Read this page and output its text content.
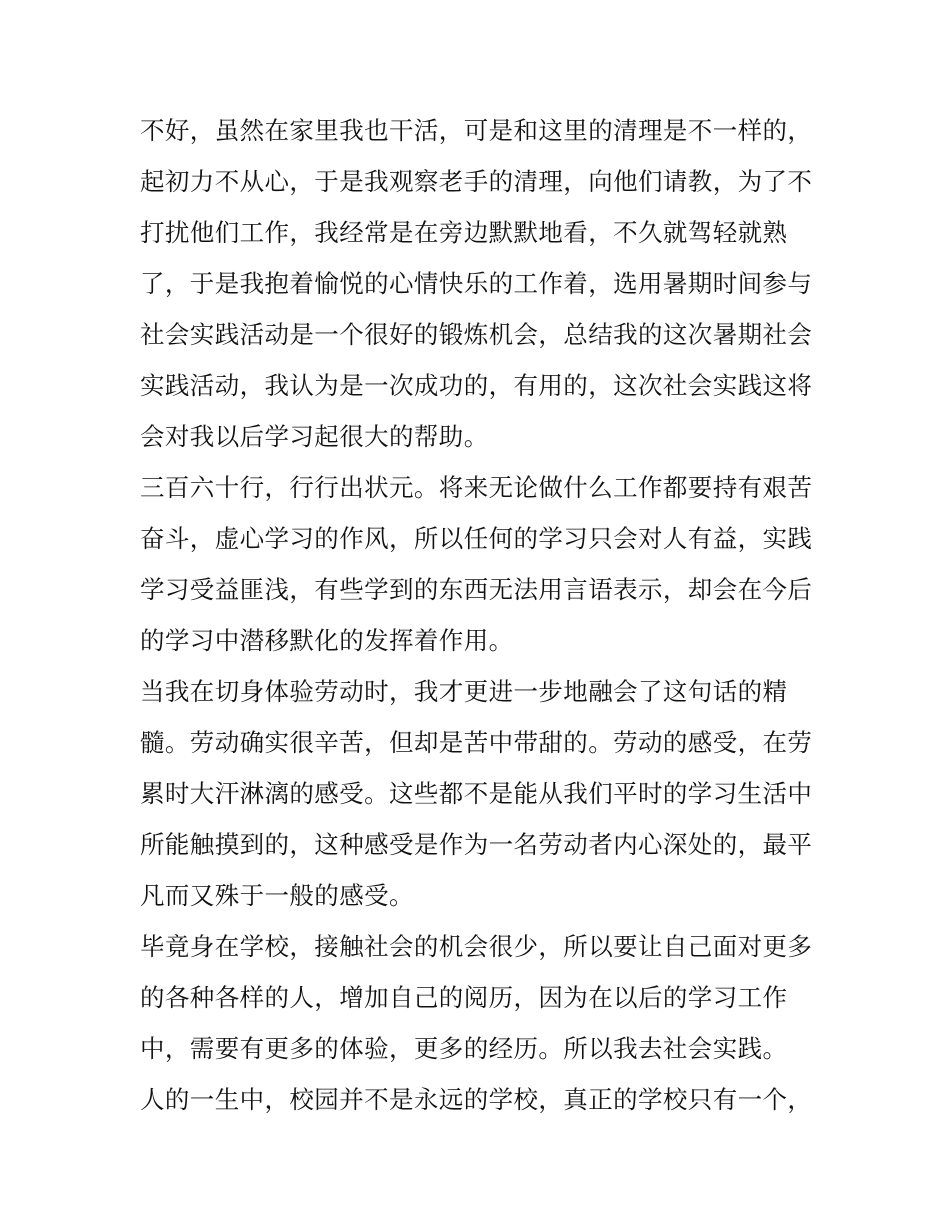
不好，虽然在家里我也干活，可是和这里的清理是不一样的，
起初力不从心，于是我观察老手的清理，向他们请教，为了不
打扰他们工作，我经常是在旁边默默地看，不久就驾轻就熟
了，于是我抱着愉悦的心情快乐的工作着，选用暑期时间参与
社会实践活动是一个很好的锻炼机会，总结我的这次暑期社会
实践活动，我认为是一次成功的，有用的，这次社会实践这将
会对我以后学习起很大的帮助。
三百六十行，行行出状元。将来无论做什么工作都要持有艰苦
奋斗，虚心学习的作风，所以任何的学习只会对人有益，实践
学习受益匪浅，有些学到的东西无法用言语表示，却会在今后
的学习中潜移默化的发挥着作用。
当我在切身体验劳动时，我才更进一步地融会了这句话的精
髓。劳动确实很辛苦，但却是苦中带甜的。劳动的感受，在劳
累时大汗淋漓的感受。这些都不是能从我们平时的学习生活中
所能触摸到的，这种感受是作为一名劳动者内心深处的，最平
凡而又殊于一般的感受。
毕竟身在学校，接触社会的机会很少，所以要让自己面对更多
的各种各样的人，增加自己的阅历，因为在以后的学习工作
中，需要有更多的体验，更多的经历。所以我去社会实践。
人的一生中，校园并不是永远的学校，真正的学校只有一个，
